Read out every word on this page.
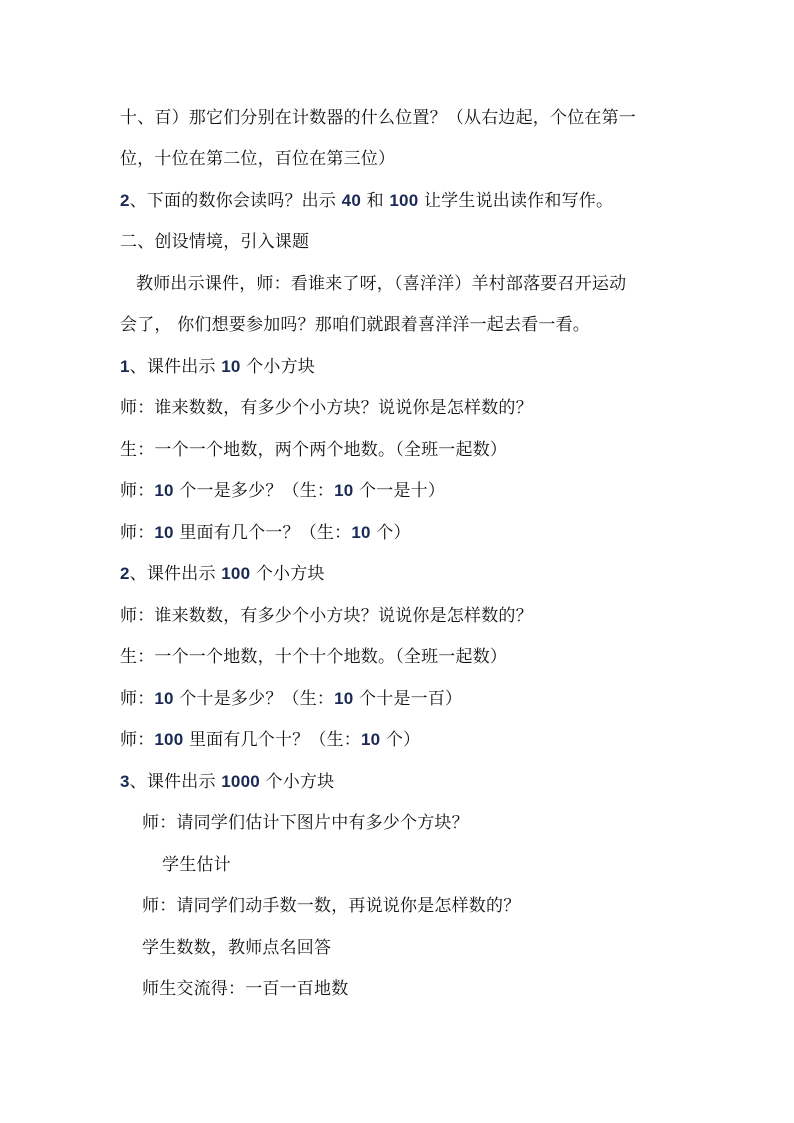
十、百）那它们分别在计数器的什么位置？（从右边起，个位在第一
位，十位在第二位，百位在第三位）
2、下面的数你会读吗？出示 40 和 100 让学生说出读作和写作。
二、创设情境，引入课题
教师出示课件，师：看谁来了呀，（喜洋洋）羊村部落要召开运动
会了， 你们想要参加吗？那咱们就跟着喜洋洋一起去看一看。
1、课件出示 10 个小方块
师：谁来数数，有多少个小方块？说说你是怎样数的？
生：一个一个地数，两个两个地数。（全班一起数）
师：10 个一是多少？（生：10 个一是十）
师：10 里面有几个一？（生：10 个）
2、课件出示 100 个小方块
师：谁来数数，有多少个小方块？说说你是怎样数的？
生：一个一个地数，十个十个地数。（全班一起数）
师：10 个十是多少？（生：10 个十是一百）
师：100 里面有几个十？（生：10 个）
3、课件出示 1000 个小方块
师：请同学们估计下图片中有多少个方块？
学生估计
师：请同学们动手数一数，再说说你是怎样数的？
学生数数，教师点名回答
师生交流得：一百一百地数
